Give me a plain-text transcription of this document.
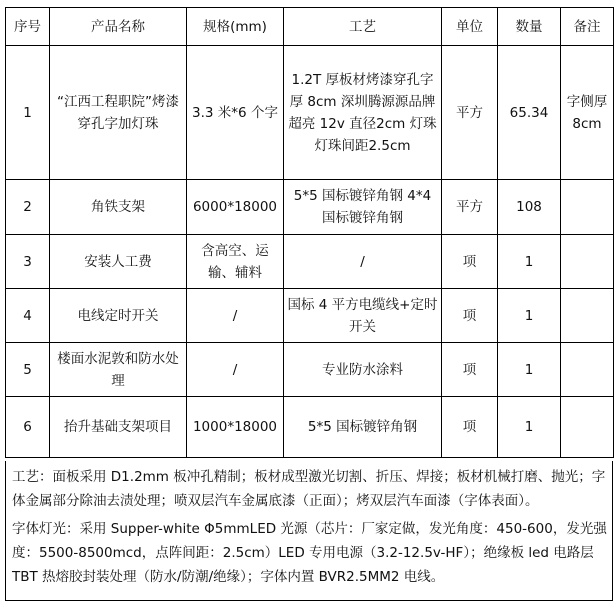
序号	产品名称	规格(mm)	工艺	单位	数量	备注
1	“江西工程职院”烤漆穿孔字加灯珠	3.3 米*6 个字	1.2T 厚板材烤漆穿孔字 厚 8cm 深圳腾源源品牌超亮 12v 直径2cm 灯珠 灯珠间距2.5cm	平方	65.34	字侧厚8cm
2	角铁支架	6000*18000	5*5 国标镀锌角钢 4*4 国标镀锌角钢	平方	108	
3	安装人工费	含高空、运输、辅料	/	项	1	
4	电线定时开关	/	国标 4 平方电缆线+定时开关	项	1	
5	楼面水泥敦和防水处理	/	专业防水涂料	项	1	
6	抬升基础支架项目	1000*18000	5*5 国标镀锌角钢	项	1	

工艺：面板采用 D1.2mm 板冲孔精制；板材成型激光切割、折压、焊接；板材机械打磨、抛光；字体金属部分除油去渍处理；喷双层汽车金属底漆（正面）；烤双层汽车面漆（字体表面）。

字体灯光：采用 Supper-white Φ5mmLED 光源（芯片：厂家定做，发光角度：450-600，发光强度：5500-8500mcd，点阵间距：2.5cm）LED 专用电源（3.2-12.5v-HF）；绝缘板 led 电路层 TBT 热熔胶封装处理（防水/防潮/绝缘）；字体内置 BVR2.5MM2 电线。
